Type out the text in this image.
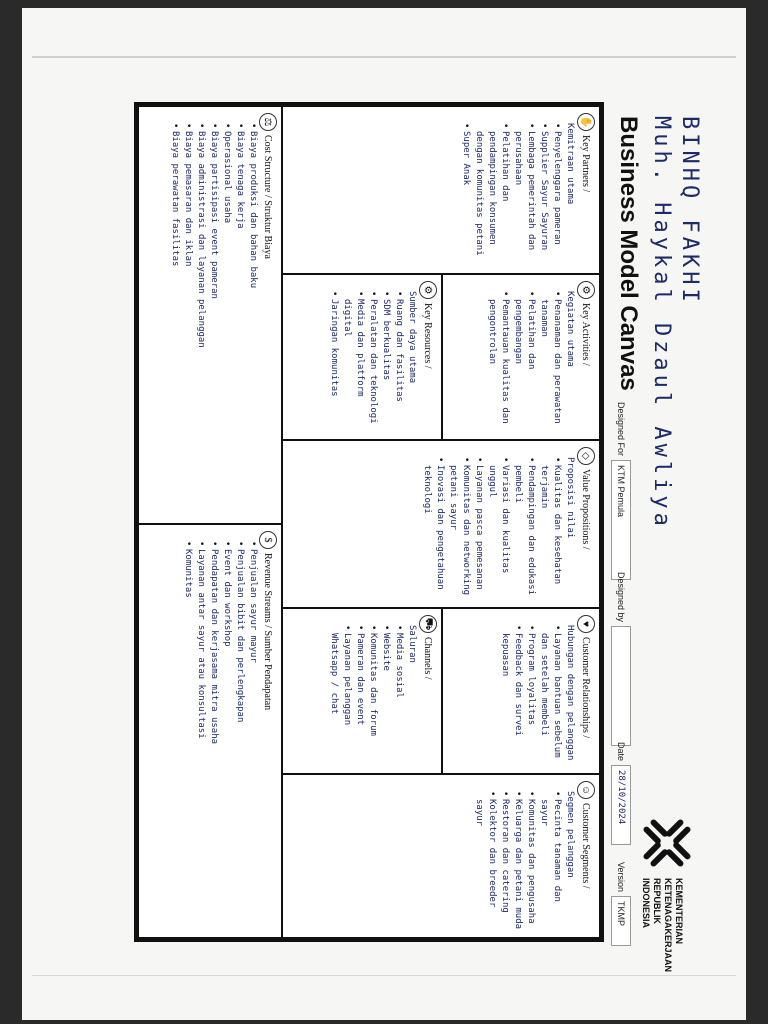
BINHQ FAKHI
Muh. Haykal Dzaul Awliya
Business Model Canvas
Designed For
KTM Pemula
Designed by
Date
28/10/2024
Version
TKMP	KEMENTERIAN
KETENAGAKERJAAN
REPUBLIK INDONESIA
✋
Key Partners /
Kemitraan utama
• Penyelenggara pameran
• Supplier Sayur Sayuran
• Lembaga pemerintah dan perusahaan
• Pelatihan dan pendampingan konsumen dengan komunitas petani
• Super Anak
⚙
Key Activities /
Kegiatan utama
• Penanaman dan perawatan tanaman
• Pelatihan dan pengembangan
• Pemantauan kualitas dan pengontrolan
⚙
Key Resources /
Sumber daya utama
• Ruang dan fasilitas
• SDM berkualitas
• Peralatan dan teknologi
• Media dan platform digital
• Jaringan komunitas
◇
Value Propositions /
Proposisi nilai
• Kualitas dan kesehatan terjamin
• Pendampingan dan edukasi pembeli
• Variasi dan kualitas unggul
• Layanan pasca pemesanan
• Komunitas dan networking petani sayur
• Inovasi dan pengetahuan teknologi
♥
Customer Relationships /
Hubungan dengan pelanggan
• Layanan bantuan sebelum dan setelah membeli
• Program loyalitas
• Feedback dan survei kepuasan
⛟
Channels /
Saluran
• Media sosial
• Website
• Komunitas dan forum
• Pameran dan event
• Layanan pelanggan Whatsapp / chat
☺
Customer Segments /
Segmen pelanggan
• Pecinta tanaman dan sayur
• Komunitas dan pengusaha
• Keluarga dan petani muda
• Restoran dan catering
• Kolektor dan breeder sayur
⚖
Cost Structure / Struktur Biaya
• Biaya produksi dan bahan baku
• Biaya tenaga kerja
• Operasional usaha
• Biaya partisipasi event pameran
• Biaya administrasi dan layanan pelanggan
• Biaya pemasaran dan iklan
• Biaya perawatan fasilitas
$
Revenue Streams / Sumber Pendapatan
• Penjualan sayur mayur
• Penjualan bibit dan perlengkapan
• Event dan workshop
• Pendapatan dan kerjasama mitra usaha
• Layanan antar sayur atau konsultasi
• Komunitas
